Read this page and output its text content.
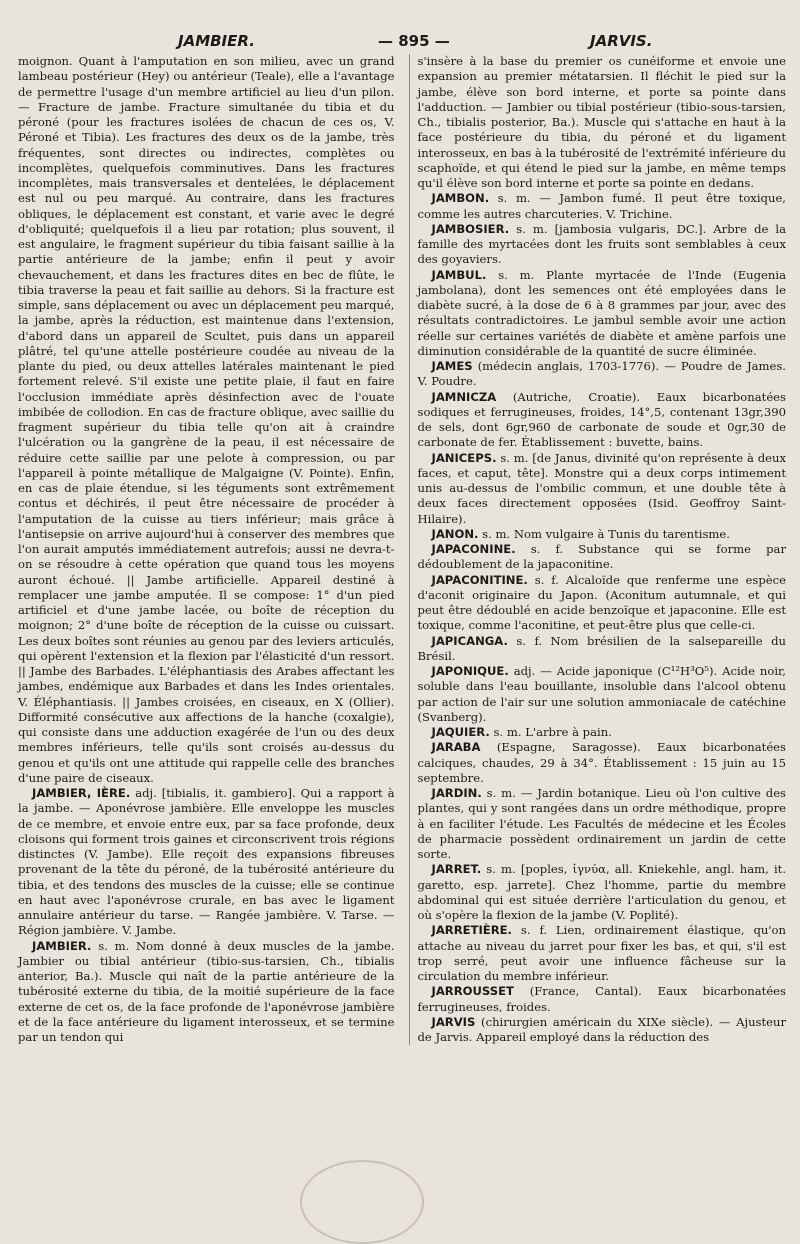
JAMBIER.	— 895 —	JARVIS.

moignon. Quant à l'amputation en son milieu, avec un grand lambeau postérieur (Hey) ou antérieur (Teale), elle a l'avantage de permettre l'usage d'un membre artificiel au lieu d'un pilon. — Fracture de jambe. Fracture simultanée du tibia et du péroné (pour les fractures isolées de chacun de ces os, V. Péroné et Tibia). Les fractures des deux os de la jambe, très fréquentes, sont directes ou indirectes, complètes ou incomplètes, quelquefois comminutives. Dans les fractures incomplètes, mais transversales et dentelées, le déplacement est nul ou peu marqué. Au contraire, dans les fractures obliques, le déplacement est constant, et varie avec le degré d'obliquité; quelquefois il a lieu par rotation; plus souvent, il est angulaire, le fragment supérieur du tibia faisant saillie à la partie antérieure de la jambe; enfin il peut y avoir chevauchement, et dans les fractures dites en bec de flûte, le tibia traverse la peau et fait saillie au dehors. Si la fracture est simple, sans déplacement ou avec un déplacement peu marqué, la jambe, après la réduction, est maintenue dans l'extension, d'abord dans un appareil de Scultet, puis dans un appareil plâtré, tel qu'une attelle postérieure coudée au niveau de la plante du pied, ou deux attelles latérales maintenant le pied fortement relevé. S'il existe une petite plaie, il faut en faire l'occlusion immédiate après désinfection avec de l'ouate imbibée de collodion. En cas de fracture oblique, avec saillie du fragment supérieur du tibia telle qu'on ait à craindre l'ulcération ou la gangrène de la peau, il est nécessaire de réduire cette saillie par une pelote à compression, ou par l'appareil à pointe métallique de Malgaigne (V. Pointe). Enfin, en cas de plaie étendue, si les téguments sont extrêmement contus et déchirés, il peut être nécessaire de procéder à l'amputation de la cuisse au tiers inférieur; mais grâce à l'antisepsie on arrive aujourd'hui à conserver des membres que l'on aurait amputés immédiatement autrefois; aussi ne devra-t-on se résoudre à cette opération que quand tous les moyens auront échoué. || Jambe artificielle. Appareil destiné à remplacer une jambe amputée. Il se compose: 1° d'un pied artificiel et d'une jambe lacée, ou boîte de réception du moignon; 2° d'une boîte de réception de la cuisse ou cuissart. Les deux boîtes sont réunies au genou par des leviers articulés, qui opèrent l'extension et la flexion par l'élasticité d'un ressort. || Jambe des Barbades. L'éléphantiasis des Arabes affectant les jambes, endémique aux Barbades et dans les Indes orientales. V. Éléphantiasis. || Jambes croisées, en ciseaux, en X (Ollier). Difformité consécutive aux affections de la hanche (coxalgie), qui consiste dans une adduction exagérée de l'un ou des deux membres inférieurs, telle qu'ils sont croisés au-dessus du genou et qu'ils ont une attitude qui rappelle celle des branches d'une paire de ciseaux.

JAMBIER, IÈRE. adj. [tibialis, it. gambiero]. Qui a rapport à la jambe. — Aponévrose jambière. Elle enveloppe les muscles de ce membre, et envoie entre eux, par sa face profonde, deux cloisons qui forment trois gaines et circonscrivent trois régions distinctes (V. Jambe). Elle reçoit des expansions fibreuses provenant de la tête du péroné, de la tubérosité antérieure du tibia, et des tendons des muscles de la cuisse; elle se continue en haut avec l'aponévrose crurale, en bas avec le ligament annulaire antérieur du tarse. — Rangée jambière. V. Tarse. — Région jambière. V. Jambe.

JAMBIER. s. m. Nom donné à deux muscles de la jambe. Jambier ou tibial antérieur (tibio-sus-tarsien, Ch., tibialis anterior, Ba.). Muscle qui naît de la partie antérieure de la tubérosité externe du tibia, de la moitié supérieure de la face externe de cet os, de la face profonde de l'aponévrose jambière et de la face antérieure du ligament interosseux, et se termine par un tendon qui

s'insère à la base du premier os cunéiforme et envoie une expansion au premier métatarsien. Il fléchit le pied sur la jambe, élève son bord interne, et porte sa pointe dans l'adduction. — Jambier ou tibial postérieur (tibio-sous-tarsien, Ch., tibialis posterior, Ba.). Muscle qui s'attache en haut à la face postérieure du tibia, du péroné et du ligament interosseux, en bas à la tubérosité de l'extrémité inférieure du scaphoïde, et qui étend le pied sur la jambe, en même temps qu'il élève son bord interne et porte sa pointe en dedans.

JAMBON. s. m. — Jambon fumé. Il peut être toxique, comme les autres charcuteries. V. Trichine.

JAMBOSIER. s. m. [jambosia vulgaris, DC.]. Arbre de la famille des myrtacées dont les fruits sont semblables à ceux des goyaviers.

JAMBUL. s. m. Plante myrtacée de l'Inde (Eugenia jambolana), dont les semences ont été employées dans le diabète sucré, à la dose de 6 à 8 grammes par jour, avec des résultats contradictoires. Le jambul semble avoir une action réelle sur certaines variétés de diabète et amène parfois une diminution considérable de la quantité de sucre éliminée.

JAMES (médecin anglais, 1703-1776). — Poudre de James. V. Poudre.

JAMNICZA (Autriche, Croatie). Eaux bicarbonatées sodiques et ferrugineuses, froides, 14°,5, contenant 13gr,390 de sels, dont 6gr,960 de carbonate de soude et 0gr,30 de carbonate de fer. Établissement : buvette, bains.

JANICEPS. s. m. [de Janus, divinité qu'on représente à deux faces, et caput, tête]. Monstre qui a deux corps intimement unis au-dessus de l'ombilic commun, et une double tête à deux faces directement opposées (Isid. Geoffroy Saint-Hilaire).

JANON. s. m. Nom vulgaire à Tunis du tarentisme.

JAPACONINE. s. f. Substance qui se forme par dédoublement de la japaconitine.

JAPACONITINE. s. f. Alcaloïde que renferme une espèce d'aconit originaire du Japon. (Aconitum autumnale, et qui peut être dédoublé en acide benzoïque et japaconine. Elle est toxique, comme l'aconitine, et peut-être plus que celle-ci.

JAPICANGA. s. f. Nom brésilien de la salsepareille du Brésil.

JAPONIQUE. adj. — Acide japonique (C¹²H³O⁵). Acide noir, soluble dans l'eau bouillante, insoluble dans l'alcool obtenu par action de l'air sur une solution ammoniacale de catéchine (Svanberg).

JAQUIER. s. m. L'arbre à pain.

JARABA (Espagne, Saragosse). Eaux bicarbonatées calciques, chaudes, 29 à 34°. Établissement : 15 juin au 15 septembre.

JARDIN. s. m. — Jardin botanique. Lieu où l'on cultive des plantes, qui y sont rangées dans un ordre méthodique, propre à en faciliter l'étude. Les Facultés de médecine et les Écoles de pharmacie possèdent ordinairement un jardin de cette sorte.

JARRET. s. m. [poples, ἰγνύα, all. Kniekehle, angl. ham, it. garetto, esp. jarrete]. Chez l'homme, partie du membre abdominal qui est située derrière l'articulation du genou, et où s'opère la flexion de la jambe (V. Poplité).

JARRETIÈRE. s. f. Lien, ordinairement élastique, qu'on attache au niveau du jarret pour fixer les bas, et qui, s'il est trop serré, peut avoir une influence fâcheuse sur la circulation du membre inférieur.

JARROUSSET (France, Cantal). Eaux bicarbonatées ferrugineuses, froides.

JARVIS (chirurgien américain du XIXe siècle). — Ajusteur de Jarvis. Appareil employé dans la réduction des
